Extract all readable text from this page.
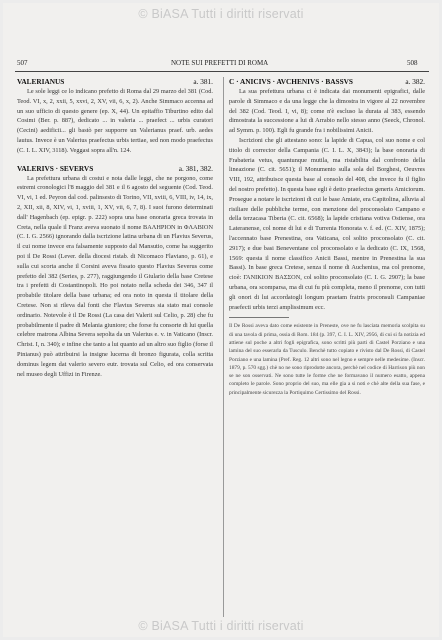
© BiASA Tutti i diritti riservati
507	NOTE SUI PREFETTI DI ROMA	508
VALERIANUS	a. 381.

Le sole leggi ce lo indicano prefetto di Roma dal 29 marzo del 381 (Cod. Teod. VI, x, 2, xxii, 5, xxvi, 2, XV, vii, 6, x, 2). Anche Simmaco accenna ad un suo ufficio di questo genere (ep. X, 44). Un epitaffio Tiburtino edito dal Cosimi (Ber. p. 887), dedicato ... in valeria ... praefect ... urbis curatori (Cecini) aedificii... gli bastò per supporre un Valerianus praef. urb. aedes lautus. Invece è un Valerius praefectus urbis tertiae, sed non modo praefectus (C. I. L. XIV, 3118). Veggasi sopra all'n. 124.

VALERIVS · SEVERVS	a. 381, 382.

La prefettura urbana di costui e nota dalle leggi, che ne porgono, come estremi cronologici l'8 maggio del 381 e il 6 agosto del seguente (Cod. Teod. VI, vi, 1 ed. Peyron dal cod. palinsesto di Torino, VII, xviii, 6, VIII, iv, 14, ix, 2, XII, xii, 8, XIV, vi, 1, xviii, 1, XV, vii, 6, 7, 8). I suoi furono determinati dall' Hagenbach (ep. epigr. p. 222) sopra una base onoraria greca trovata in Creta, nella quale il Franz aveva suonato il nome ΒΑΛΗΡΙΟΝ in ΦΛΑΒΙΟΝ (C. I. G. 2566) ignorando dalla iscrizione latina urbana di un Flavius Severus, il cui nome invece era falsamente supposto dal Mansutio, come ha suggerito poi il De Rossi (Lever. della diocesi ristab. di Nicomaco Flaviano, p. 61), e sulla cui scorta anche il Corsini aveva fissato questo Flavius Severus come prefetto del 382 (Series, p. 277), raggiungendo il Giulario della base Cretese tra i prefetti di Costantinopoli. Ho poi notato nella scheda dei 346, 347 il probabile titolare della base urbana; ed ora noto in questa il titolare della Cretese. Non si rileva dal fonti che Flavius Severus sia stato mai console ordinario. Notevole è il De Rossi (La casa dei Valerii sul Celio, p. 28) che fu probabilmente il padre di Melania giuniore; che forse fu consorte di lui quella celebre matrona Albina Severa sepolta da un Valerius e. v. in Vaticano (Inscr. Christ. I, n. 340); e infine che tanto a lui quanto ad un altro suo figlio (forse il Pinianus) può attribuirsi la insigne lucerna di bronzo figurata, colla scritta dominus legem dat valerio severo eutr. trovata sul Celio, ed ora conservata nel museo degli Uffizi in Firenze.

C · ANICIVS · AVCHENIVS · BASSVS	a. 382.

La sua prefettura urbana ci è indicata dai monumenti epigrafici, dalle parole di Simmaco e da una legge che la dimostra in vigore al 22 novembre del 382 (Cod. Teod. I, vi, 8); come n'è escluso la durata al 383, essendo dimostrata la successione a lui di Arrabio nello stesso anno (Seeck, Chronol. ad Symm. p. 100). Egli fu grande fra i nobilissimi Anicii.

Iscrizioni che gli attestano sono: la lapide di Capua, col suo nome e col titolo di corrector della Campania (C. I. L. X, 3843); la base onoraria di Frabateria vetus, quantunque mutila, ma ristabilita dal confronto della lineazione (C. cit. 5651); il Monumento sulla sola del Borghesi, Oeuvres VIII, 192, attribuisce questa base al consolo del 408, che invece fu il figlio del nostro prefetto). In questa base egli è detto praefectus generis Amiciorum. Prosegue a notare le iscrizioni di cui le base Amiate, era Capitolina, alluvia al risiliare delle pubbliche terme, con menzione del proconsolato Campano e della terzacasa Tiberia (C. cit. 6568); la lapide cristiana votiva Ostiense, ora Lateranense, col nome di lui e di Turrenia Honorata v. f. ed. (C. XIV, 1875); l'accennato base Prenestina, ora Vaticana, col solito proconsolato (C. cit. 2917); e due basi Beneventane col proconsolato e la dedicato (C. IX, 1568, 1569: questa il nome classifico Anicii Bassi, mentre in Prenestina la sua Bassi). In base greca Cretese, senza il nome di Auchenius, ma col prenome, cioè: ΓΑΝΙΚΙΟΝ ΒΑΣΣΟΝ, col solito proconsolato (C. I. G. 2907); la base urbana, ora scomparsa, ma di cui fu più completa, meno il prenome, con tutti gli onori di lui accordatogli longum praetam fratris proconsuli Campaniae praefecti urbis terzi amplissimum ecc.

Il De Rossi aveva dato come esistente in Preneste, ove ne fu lasciata memoria scolpita su di una tavola di prima, ossia di Rom. 184 (p. 397, C. I. L. XIV, 2956, di cui si fa notizia ed attiene sul poche a altri fogli epigrafica, sono scritti più parti di Castel Porziano e una lamina del suo esserarla da Tusculo. Benchè tutto copiato e rivisto dal De Rossi, di Castel Porziano e una lamina (Pref. Reg. 12 altri sono nel legno e sempre nelle medesime. (Inscr. 1879, p. 570 sgg.) chè no ne sono riprodotte ancora, perchè nel codice di Harrison più non se ne son osservati. Ne sono tutte le forme che ne formavano il numero esatto, appena completo le parole. Sono proprio del suo, ma elle gia a si noti e chè alte della sua fase, e principalmente sicurezza la Portiquimo Certissimo del Rossi.

© BiASA Tutti i diritti riservati
